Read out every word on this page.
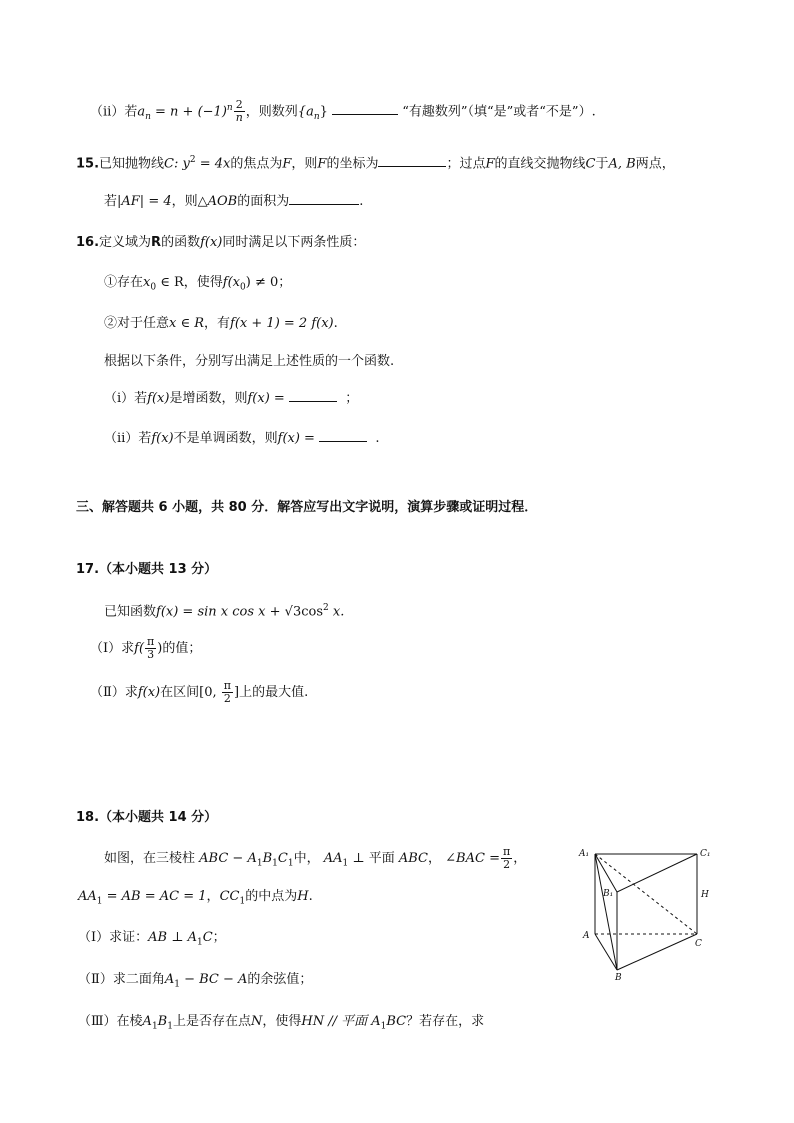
（ⅱ）若$a_n = n + (-1)^n \frac{2}{n}$ ，则数列$\{a_n\}$	“有趣数列”（填“是”或者“不是”）.
15.已知抛物线C: $y^2 = 4x$的焦点为F，则F的坐标为	；过点F的直线交抛物线C于A, B两点，
若|AF| = 4，则△AOB的面积为	.
16.定义域为R的函数f(x)同时满足以下两条性质：
①存在$x_0$ ∈ R，使得$f(x_0) \ne 0$；
②对于任意x ∈ R，有f(x + 1) = 2 f(x).
根据以下条件，分别写出满足上述性质的一个函数.
（ⅰ）若f(x)是增函数，则f(x) =	；
（ⅱ）若f(x)不是单调函数，则f(x) =	.
三、解答题共 6 小题，共 80 分．解答应写出文字说明，演算步骤或证明过程．
17.（本小题共 13 分）
已知函数f(x) = sin x $\cos x + √3\cos^2$ x.
（Ⅰ）求$f( \frac{\pi}{3}$ )的值；
（Ⅱ）求f(x)在区间[0, $\frac{\pi}{2}$ ]上的最大值.
18.（本小题共 14 分）
如图，在三棱柱 ABC − $A_1B_1C_1$中， $AA_1$ ⊥ 平面 ABC， ∠BAC = $\frac{\pi}{2}$ ，
$AA_1$ = AB = AC = 1，$CC_1$的中点为H.
（Ⅰ）求证：AB ⊥ $A_1C$；
（Ⅱ）求二面角$A_1$ − BC − A的余弦值；
（Ⅲ）在棱$A_1B_1$上是否存在点N，使得HN // 平面 $A_1BC$？若存在，求
A₁	C₁
B₁	H
A
C
B
